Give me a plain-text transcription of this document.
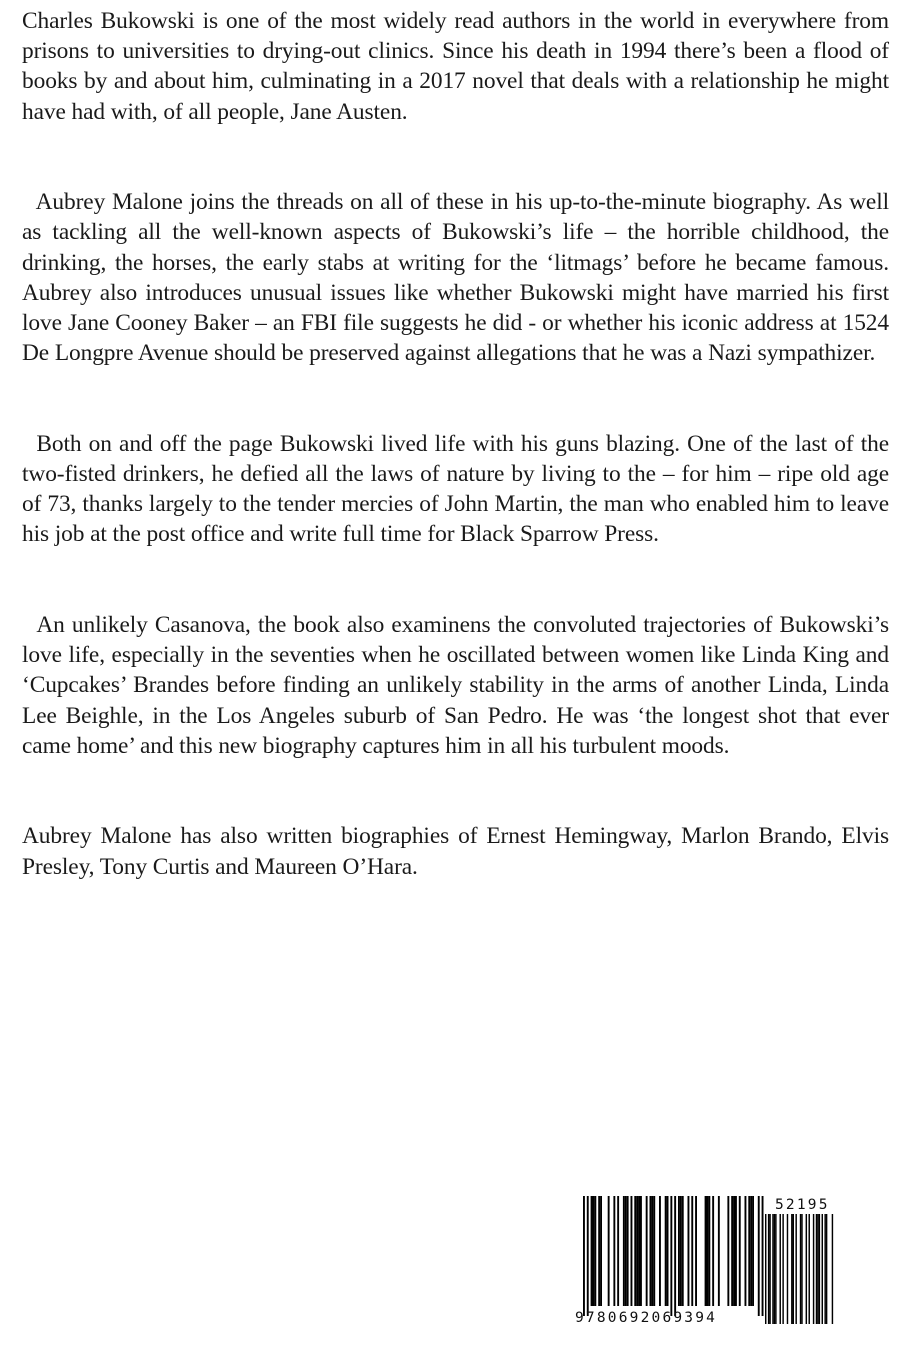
Charles Bukowski is one of the most widely read authors in the world in everywhere from prisons to universities to drying-out clinics. Since his death in 1994 there’s been a flood of books by and about him, culminating in a 2017 novel that deals with a relationship he might have had with, of all people, Jane Austen.

Aubrey Malone joins the threads on all of these in his up-to-the-minute biography. As well as tackling all the well-known aspects of Bukowski’s life – the horrible childhood, the drinking, the horses, the early stabs at writing for the ‘litmags’ before he became famous. Aubrey also introduces unusual issues like whether Bukowski might have married his first love Jane Cooney Baker – an FBI file suggests he did - or whether his iconic address at 1524 De Longpre Avenue should be preserved against allegations that he was a Nazi sympathizer.

Both on and off the page Bukowski lived life with his guns blazing. One of the last of the two-fisted drinkers, he defied all the laws of nature by living to the – for him – ripe old age of 73, thanks largely to the tender mercies of John Martin, the man who enabled him to leave his job at the post office and write full time for Black Sparrow Press.

An unlikely Casanova, the book also examinens the convoluted trajectories of Bukowski’s love life, especially in the seventies when he oscillated between women like Linda King and ‘Cupcakes’ Brandes before finding an unlikely stability in the arms of another Linda, Linda Lee Beighle, in the Los Angeles suburb of San Pedro. He was ‘the longest shot that ever came home’ and this new biography captures him in all his turbulent moods.

Aubrey Malone has also written biographies of Ernest Hemingway, Marlon Brando, Elvis Presley, Tony Curtis and Maureen O’Hara.

9780692069394
52195
